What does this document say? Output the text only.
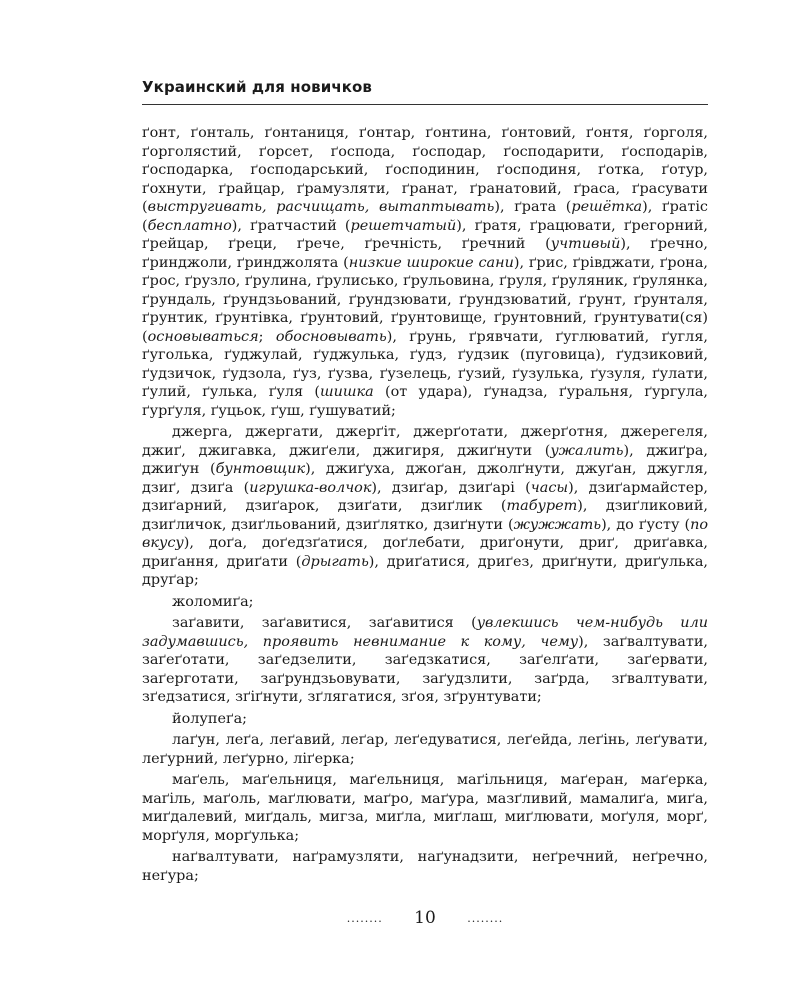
Украинский для новичков

ґонт, ґонталь, ґонтаниця, ґонтар, ґонтина, ґонтовий, ґонтя, ґорголя, ґорголястий, ґорсет, ґоспода, ґосподар, ґосподарити, ґосподарів, ґосподарка, ґосподарський, ґосподинин, ґосподиня, ґотка, ґотур, ґохнути, ґрайцар, ґрамузляти, ґранат, ґранатовий, ґраса, ґрасувати (выстругивать, расчищать, вытаптывать), ґрата (решётка), ґратіс (бесплатно), ґратчастий (решетчатый), ґратя, ґрацювати, ґрегорний, ґрейцар, ґреци, ґрече, ґречність, ґречний (учтивый), ґречно, ґринджоли, ґринджолята (низкие широкие сани), ґрис, ґрівджати, ґрона, ґрос, ґрузло, ґрулина, ґрулисько, ґрульовина, ґруля, ґруляник, ґрулянка, ґрундаль, ґрундзьований, ґрундзювати, ґрундзюватий, ґрунт, ґрунталя, ґрунтик, ґрунтівка, ґрунтовий, ґрунтовище, ґрунтовний, ґрунтувати(ся) (основываться; обосновывать), ґрунь, ґрявчати, ґуглюватий, ґугля, ґуголька, ґуджулай, ґуджулька, ґудз, ґудзик (пуговица), ґудзиковий, ґудзичок, ґудзола, ґуз, ґузва, ґузелець, ґузий, ґузулька, ґузуля, ґулати, ґулий, ґулька, ґуля (шишка (от удара), ґунадза, ґуральня, ґургула, ґурґуля, ґуцьок, ґуш, ґушуватий;

джерга, джергати, джерґіт, джерґотати, джерґотня, джерегеля, джиґ, джигавка, джиґели, джигиря, джиґнути (ужалить), джиґра, джиґун (бунтовщик), джиґуха, джоґан, джолґнути, джуґан, джугля, дзиґ, дзиґа (игрушка-волчок), дзиґар, дзиґарі (часы), дзиґармайстер, дзиґарний, дзиґарок, дзиґати, дзиґлик (табурет), дзиґликовий, дзиґличок, дзиґльований, дзиґлятко, дзиґнути (жужжать), до ґусту (по вкусу), доґа, доґедзґатися, доґлебати, дриґонути, дриґ, дриґавка, дриґання, дриґати (дрыгать), дриґатися, дриґез, дриґнути, дриґулька, друґар;

жоломиґа;

заґавити, заґавитися, заґавитися (увлекшись чем-нибудь или задумавшись, проявить невнимание к кому, чему), заґвалтувати, заґеґотати, заґедзелити, заґедзкатися, заґелґати, заґервати, заґерготати, заґрундзьовувати, заґудзлити, заґрда, зґвалтувати, зґедзатися, зґіґнути, зґлягатися, зґоя, зґрунтувати;

йолупеґа;

лаґун, леґа, леґавий, леґар, леґедуватися, леґейда, леґінь, леґувати, леґурний, леґурно, ліґерка;

маґель, маґельниця, маґельниця, маґільниця, маґеран, маґерка, маґіль, маґоль, маґлювати, маґро, маґура, мазґливий, мамалиґа, миґа, миґдалевий, миґдаль, мигза, миґла, миґлаш, миґлювати, моґуля, морґ, морґуля, морґулька;

наґвалтувати, наґрамузляти, наґунадзити, неґречний, неґречно, неґура;

........ 10	........
